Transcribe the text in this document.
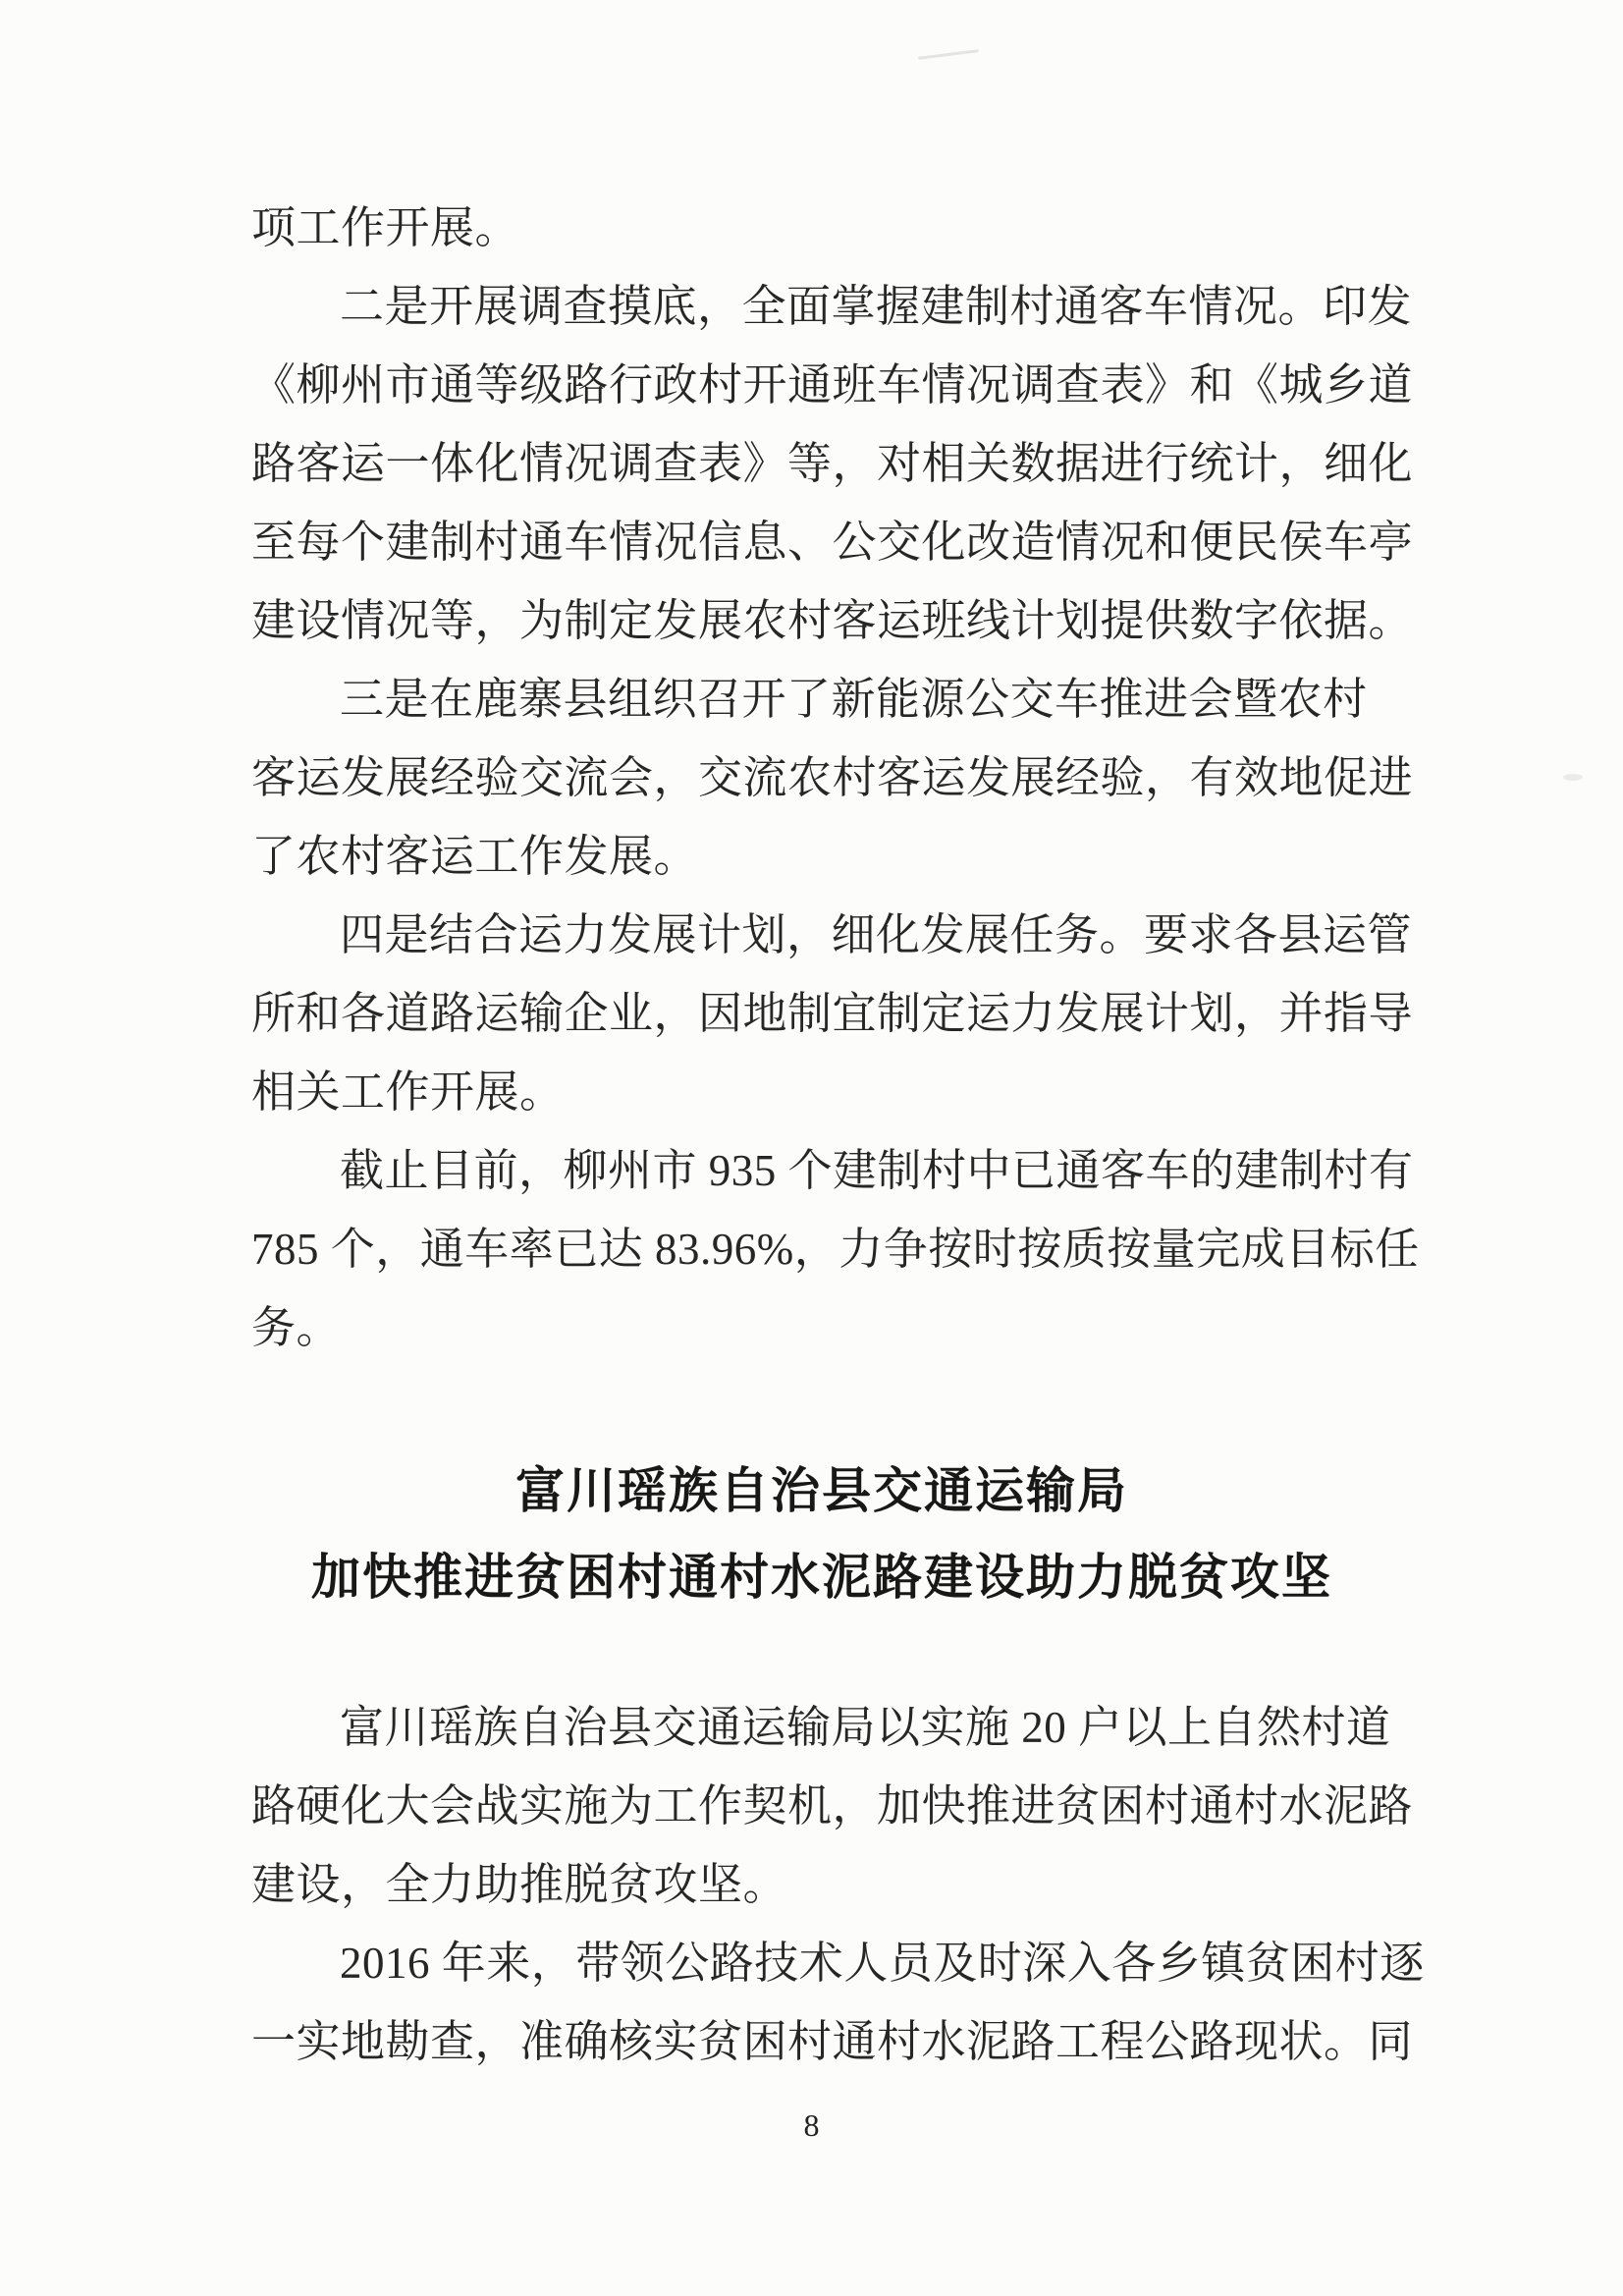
项工作开展。
二是开展调查摸底，全面掌握建制村通客车情况。印发
《柳州市通等级路行政村开通班车情况调查表》和《城乡道
路客运一体化情况调查表》等，对相关数据进行统计，细化
至每个建制村通车情况信息、公交化改造情况和便民侯车亭
建设情况等，为制定发展农村客运班线计划提供数字依据。
三是在鹿寨县组织召开了新能源公交车推进会暨农村
客运发展经验交流会，交流农村客运发展经验，有效地促进
了农村客运工作发展。
四是结合运力发展计划，细化发展任务。要求各县运管
所和各道路运输企业，因地制宜制定运力发展计划，并指导
相关工作开展。
截止目前，柳州市 935 个建制村中已通客车的建制村有
785 个，通车率已达 83.96%，力争按时按质按量完成目标任
务。
富川瑶族自治县交通运输局
加快推进贫困村通村水泥路建设助力脱贫攻坚
富川瑶族自治县交通运输局以实施 20 户以上自然村道
路硬化大会战实施为工作契机，加快推进贫困村通村水泥路
建设，全力助推脱贫攻坚。
2016 年来，带领公路技术人员及时深入各乡镇贫困村逐
一实地勘查，准确核实贫困村通村水泥路工程公路现状。同
8
